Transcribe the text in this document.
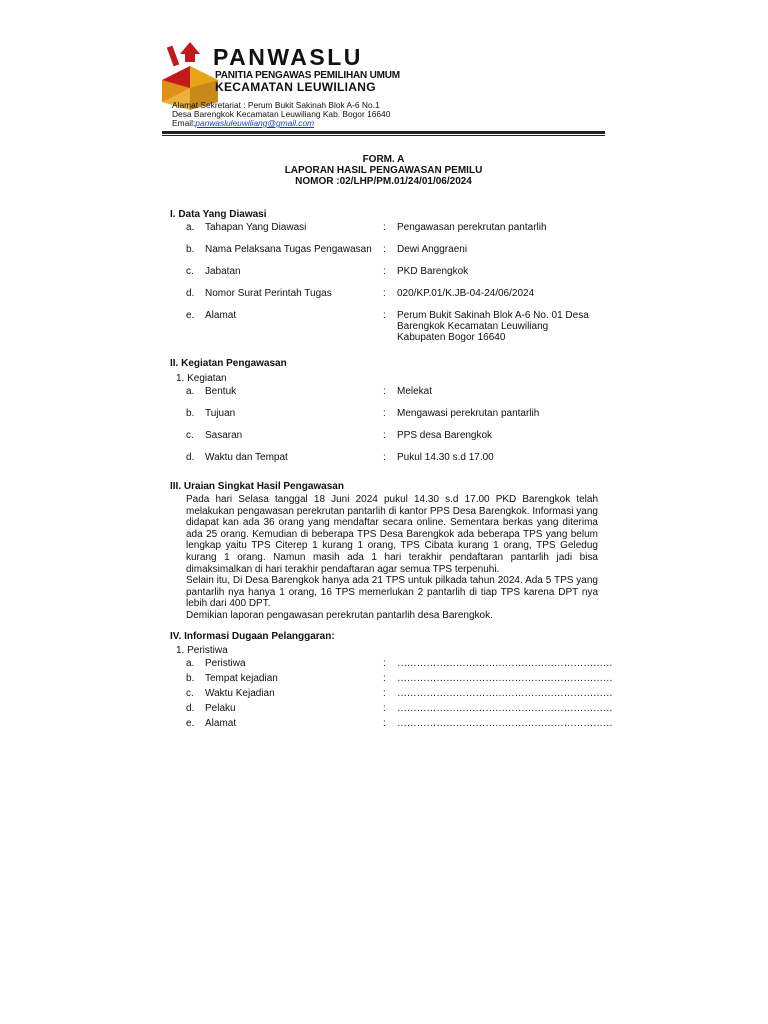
PANWASLU
PANITIA PENGAWAS PEMILIHAN UMUM
KECAMATAN LEUWILIANG
Alamat Sekretariat : Perum Bukit Sakinah Blok A-6 No.1
Desa Barengkok Kecamatan Leuwiliang Kab. Bogor 16640
Email:panwasluleuwiliang@gmail.com
FORM. A
LAPORAN HASIL PENGAWASAN PEMILU
NOMOR :02/LHP/PM.01/24/01/06/2024
I. Data Yang Diawasi
a. Tahapan Yang Diawasi	: Pengawasan perekrutan pantarlih
b. Nama Pelaksana Tugas Pengawasan : Dewi Anggraeni
c. Jabatan	: PKD Barengkok
d. Nomor Surat Perintah Tugas	: 020/KP.01/K.JB-04-24/06/2024
e. Alamat	: Perum Bukit Sakinah Blok A-6 No. 01 Desa
Barengkok Kecamatan Leuwiliang
Kabupaten Bogor 16640
II. Kegiatan Pengawasan
1. Kegiatan
a. Bentuk	: Melekat
b. Tujuan	: Mengawasi perekrutan pantarlih
c. Sasaran	: PPS desa Barengkok
d. Waktu dan Tempat	: Pukul 14.30 s.d 17.00
III. Uraian Singkat Hasil Pengawasan

Pada hari Selasa tanggal 18 Juni 2024 pukul 14.30 s.d 17.00 PKD Barengkok telah melakukan pengawasan perekrutan pantarlih di kantor PPS Desa Barengkok. Informasi yang didapat kan ada 36 orang yang mendaftar secara online. Sementara berkas yang diterima ada 25 orang. Kemudian di beberapa TPS Desa Barengkok ada beberapa TPS yang belum lengkap yaitu TPS Citerep 1 kurang 1 orang, TPS Cibata kurang 1 orang, TPS Geledug kurang 1 orang. Namun masih ada 1 hari terakhir pendaftaran pantarlih jadi bisa dimaksimalkan di hari terakhir pendaftaran agar semua TPS terpenuhi.

Selain itu, Di Desa Barengkok hanya ada 21 TPS untuk pilkada tahun 2024. Ada 5 TPS yang pantarlih nya hanya 1 orang, 16 TPS memerlukan 2 pantarlih di tiap TPS karena DPT nya lebih dari 400 DPT.

Demikian laporan pengawasan perekrutan pantarlih desa Barengkok.

IV. Informasi Dugaan Pelanggaran:
1. Peristiwa
a. Peristiwa	: …………………………………………………………
b. Tempat kejadian	: …………………………………………………………
c. Waktu Kejadian	: …………………………………………………………
d. Pelaku	: …………………………………………………………
e. Alamat	: …………………………………………………………
